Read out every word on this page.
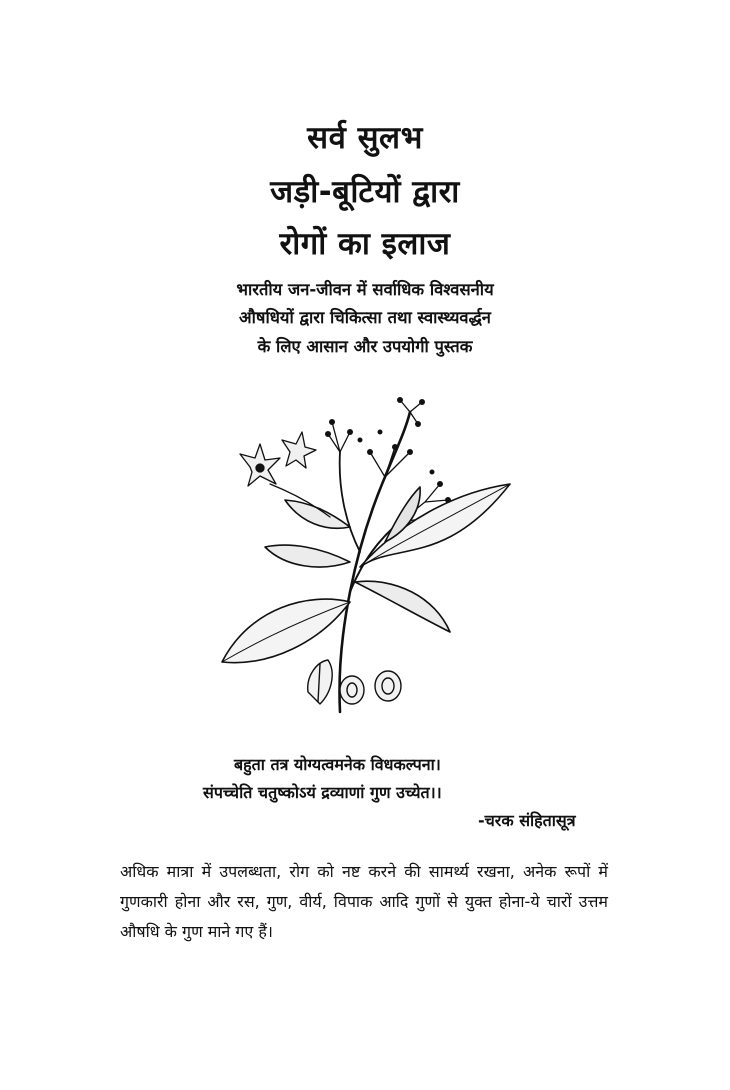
सर्व सुलभ
जड़ी-बूटियों द्वारा
रोगों का इलाज
भारतीय जन-जीवन में सर्वाधिक विश्वसनीय
औषधियों द्वारा चिकित्सा तथा स्वास्थ्यवर्द्धन
के लिए आसान और उपयोगी पुस्तक
बहुता तत्र योग्यत्वमनेक विधकल्पना।
संपच्चेति चतुष्कोऽयं द्रव्याणां गुण उच्येत।।
-चरक संहितासूत्र
अधिक मात्रा में उपलब्धता, रोग को नष्ट करने की सामर्थ्य रखना, अनेक रूपों में गुणकारी होना और रस, गुण, वीर्य, विपाक आदि गुणों से युक्त होना-ये चारों उत्तम औषधि के गुण माने गए हैं।
